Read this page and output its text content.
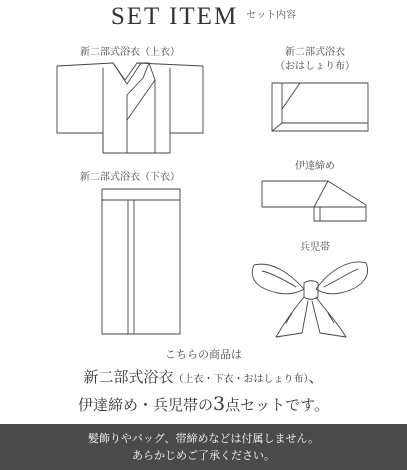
SET ITEM $^{セット内容}$
新二部式浴衣（上衣）	新二部式浴衣
（おはしょり布）
伊達締め
新二部式浴衣（下衣）
兵児帯
こちらの商品は
新二部式浴衣（上衣・下衣・おはしょり布）、
伊達締め・兵児帯の3点セットです。
髪飾りやバッグ、帯締めなどは付属しません。
あらかじめご了承ください。
